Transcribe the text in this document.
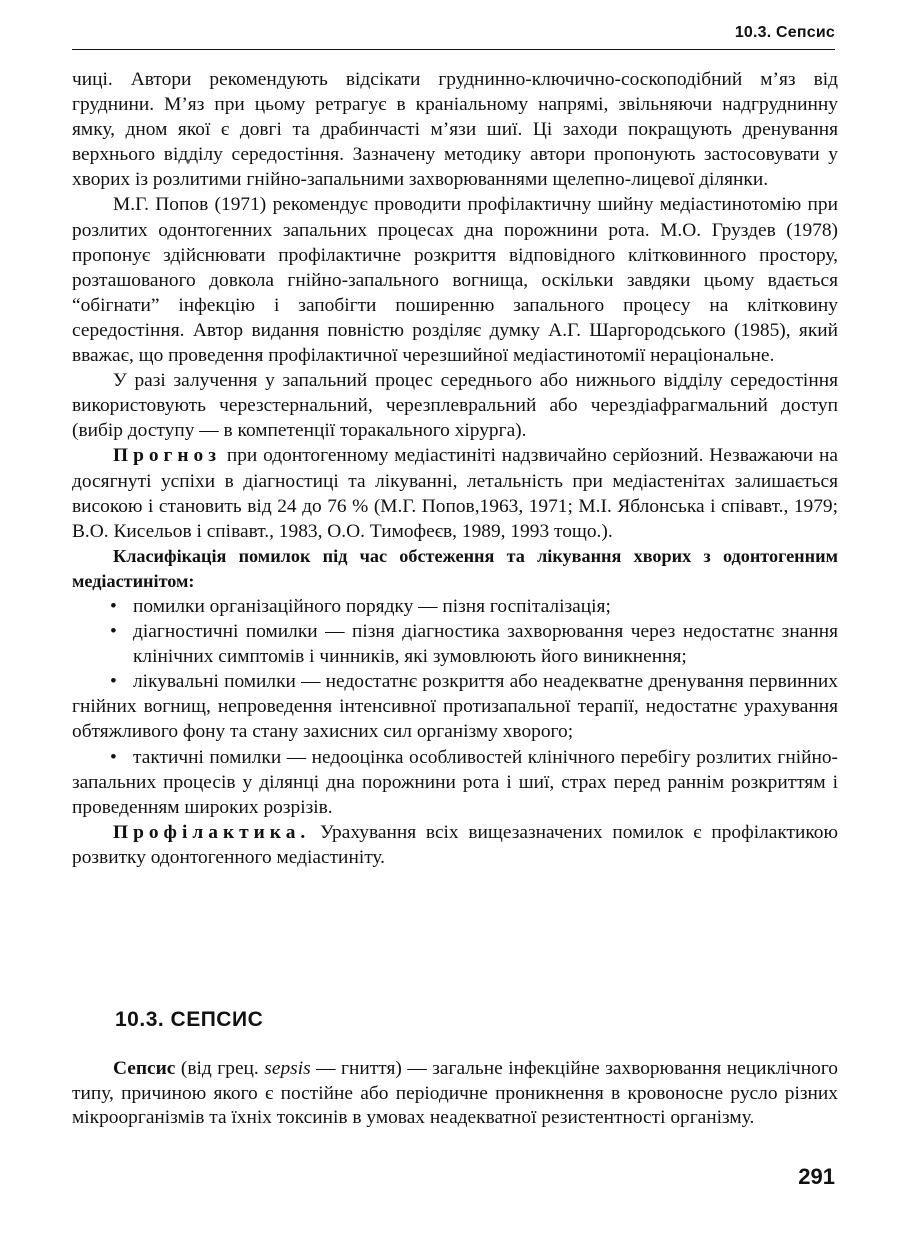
10.3. Сепсис

чиці. Автори рекомендують відсікати груднинно-ключично-соскоподібний м’яз від груднини. М’яз при цьому ретрагує в краніальному напрямі, звільняючи надгруднинну ямку, дном якої є довгі та драбинчасті м’язи шиї. Ці заходи покращують дренування верхнього відділу середостіння. Зазначену методику автори пропонують застосовувати у хворих із розлитими гнійно-запальними захворюваннями щелепно-лицевої ділянки.

М.Г. Попов (1971) рекомендує проводити профілактичну шийну медіастинотомію при розлитих одонтогенних запальних процесах дна порожнини рота. М.О. Груздев (1978) пропонує здійснювати профілактичне розкриття відповідного клітковинного простору, розташованого довкола гнійно-запального вогнища, оскільки завдяки цьому вдається “обігнати” інфекцію і запобігти поширенню запального процесу на клітковину середостіння. Автор видання повністю розділяє думку А.Г. Шаргородського (1985), який вважає, що проведення профілактичної черезшийної медіастинотомії нераціональне.

У разі залучення у запальний процес середнього або нижнього відділу середостіння використовують черезстернальний, черезплевральний або черездіафрагмальний доступ (вибір доступу — в компетенції торакального хірурга).

Прогноз при одонтогенному медіастиніті надзвичайно серйозний. Незважаючи на досягнуті успіхи в діагностиці та лікуванні, летальність при медіастенітах залишається високою і становить від 24 до 76 % (М.Г. Попов,1963, 1971; М.І. Яблонська і співавт., 1979; В.О. Кисельов і співавт., 1983, О.О. Тимофеєв, 1989, 1993 тощо.).

Класифікація помилок під час обстеження та лікування хворих з одонтогенним медіастинітом:

• помилки організаційного порядку — пізня госпіталізація;
• діагностичні помилки — пізня діагностика захворювання через недостатнє знання клінічних симптомів і чинників, які зумовлюють його виникнення;
• лікувальні помилки — недостатнє розкриття або неадекватне дренування первинних гнійних вогнищ, непроведення інтенсивної протизапальної терапії, недостатнє урахування обтяжливого фону та стану захисних сил організму хворого;
• тактичні помилки — недооцінка особливостей клінічного перебігу розлитих гнійно-запальних процесів у ділянці дна порожнини рота і шиї, страх перед раннім розкриттям і проведенням широких розрізів.

Профілактика. Урахування всіх вищезазначених помилок є профілактикою розвитку одонтогенного медіастиніту.

10.3. СЕПСИС

Сепсис (від грец. sepsis — гниття) — загальне інфекційне захворювання нециклічного типу, причиною якого є постійне або періодичне проникнення в кровоносне русло різних мікроорганізмів та їхніх токсинів в умовах неадекватної резистентності організму.

291
